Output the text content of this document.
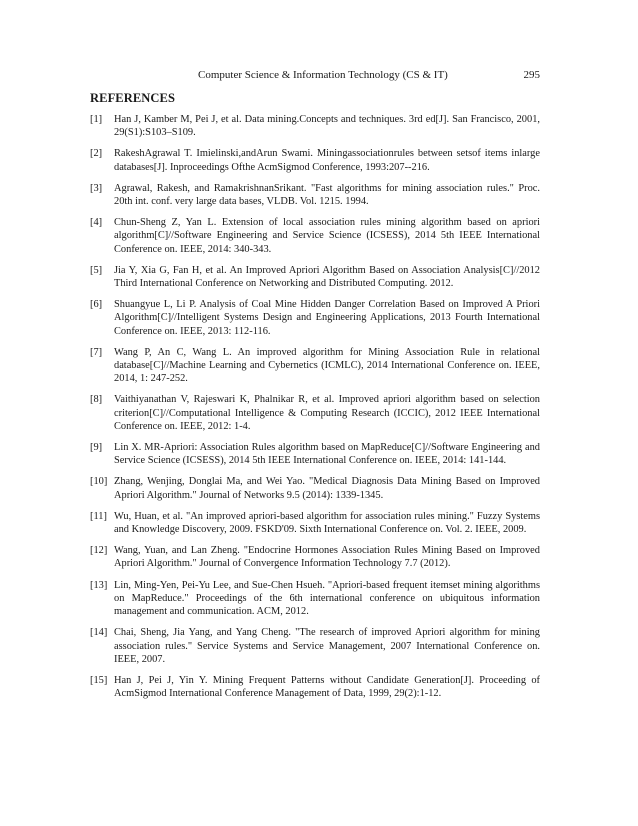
Computer Science & Information Technology (CS & IT)	295
REFERENCES
[1]	Han J, Kamber M, Pei J, et al. Data mining.Concepts and techniques. 3rd ed[J]. San Francisco, 2001, 29(S1):S103–S109.
[2]	RakeshAgrawal T. Imielinski,andArun Swami. Miningassociationrules between setsof items inlarge databases[J]. Inproceedings Ofthe AcmSigmod Conference, 1993:207--216.
[3]	Agrawal, Rakesh, and RamakrishnanSrikant. "Fast algorithms for mining association rules." Proc. 20th int. conf. very large data bases, VLDB. Vol. 1215. 1994.
[4]	Chun-Sheng Z, Yan L. Extension of local association rules mining algorithm based on apriori algorithm[C]//Software Engineering and Service Science (ICSESS), 2014 5th IEEE International Conference on. IEEE, 2014: 340-343.
[5]	Jia Y, Xia G, Fan H, et al. An Improved Apriori Algorithm Based on Association Analysis[C]//2012 Third International Conference on Networking and Distributed Computing. 2012.
[6]	Shuangyue L, Li P. Analysis of Coal Mine Hidden Danger Correlation Based on Improved A Priori Algorithm[C]//Intelligent Systems Design and Engineering Applications, 2013 Fourth International Conference on. IEEE, 2013: 112-116.
[7]	Wang P, An C, Wang L. An improved algorithm for Mining Association Rule in relational database[C]//Machine Learning and Cybernetics (ICMLC), 2014 International Conference on. IEEE, 2014, 1: 247-252.
[8]	Vaithiyanathan V, Rajeswari K, Phalnikar R, et al. Improved apriori algorithm based on selection criterion[C]//Computational Intelligence & Computing Research (ICCIC), 2012 IEEE International Conference on. IEEE, 2012: 1-4.
[9]	Lin X. MR-Apriori: Association Rules algorithm based on MapReduce[C]//Software Engineering and Service Science (ICSESS), 2014 5th IEEE International Conference on. IEEE, 2014: 141-144.
[10] Zhang, Wenjing, Donglai Ma, and Wei Yao. "Medical Diagnosis Data Mining Based on Improved Apriori Algorithm." Journal of Networks 9.5 (2014): 1339-1345.
[11] Wu, Huan, et al. "An improved apriori-based algorithm for association rules mining." Fuzzy Systems and Knowledge Discovery, 2009. FSKD'09. Sixth International Conference on. Vol. 2. IEEE, 2009.
[12] Wang, Yuan, and Lan Zheng. "Endocrine Hormones Association Rules Mining Based on Improved Apriori Algorithm." Journal of Convergence Information Technology 7.7 (2012).
[13] Lin, Ming-Yen, Pei-Yu Lee, and Sue-Chen Hsueh. "Apriori-based frequent itemset mining algorithms on MapReduce." Proceedings of the 6th international conference on ubiquitous information management and communication. ACM, 2012.
[14] Chai, Sheng, Jia Yang, and Yang Cheng. "The research of improved Apriori algorithm for mining association rules." Service Systems and Service Management, 2007 International Conference on. IEEE, 2007.
[15] Han J, Pei J, Yin Y. Mining Frequent Patterns without Candidate Generation[J]. Proceeding of AcmSigmod International Conference Management of Data, 1999, 29(2):1-12.
